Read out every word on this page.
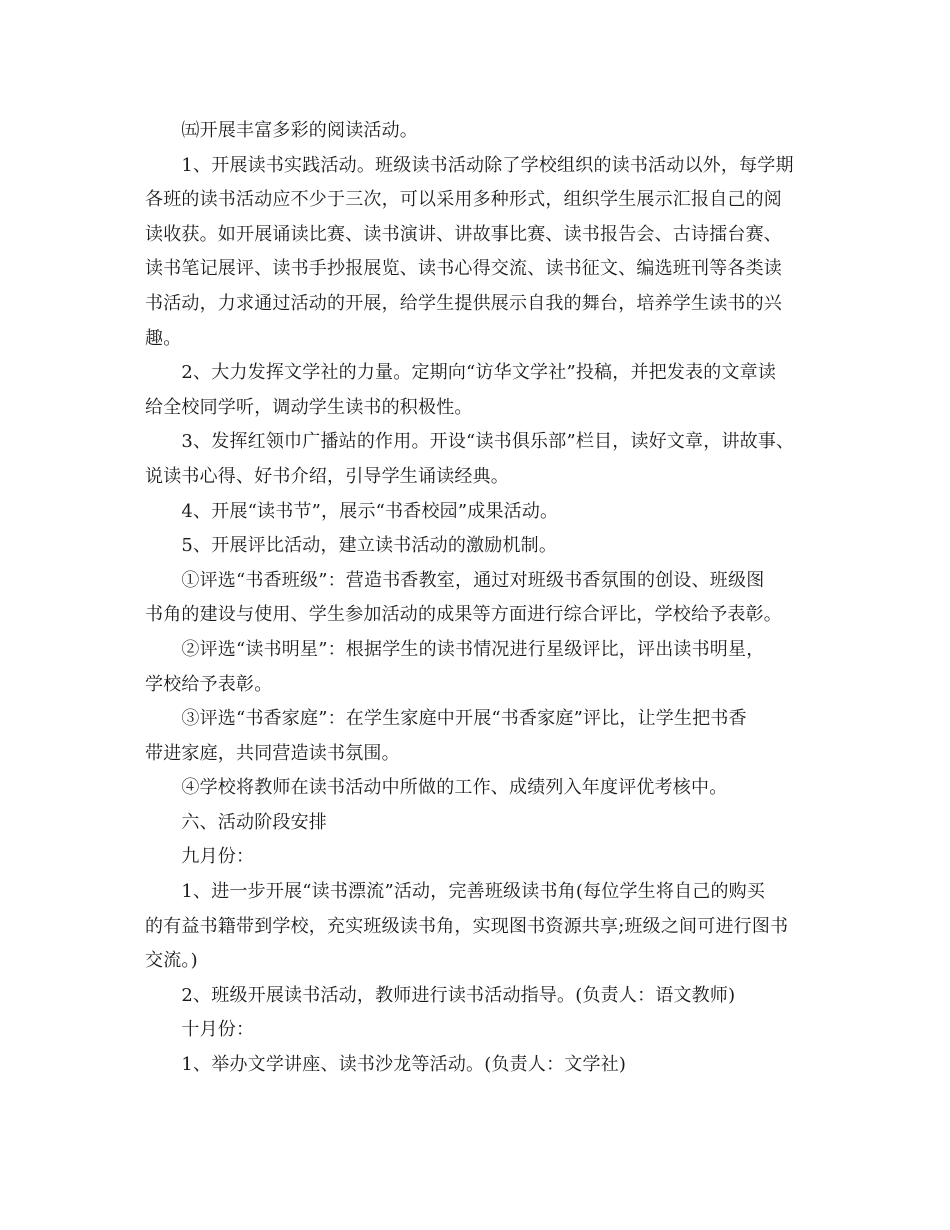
　　㈤开展丰富多彩的阅读活动。

　　1、开展读书实践活动。班级读书活动除了学校组织的读书活动以外，每学期
各班的读书活动应不少于三次，可以采用多种形式，组织学生展示汇报自己的阅
读收获。如开展诵读比赛、读书演讲、讲故事比赛、读书报告会、古诗擂台赛、
读书笔记展评、读书手抄报展览、读书心得交流、读书征文、编选班刊等各类读
书活动，力求通过活动的开展，给学生提供展示自我的舞台，培养学生读书的兴
趣。

　　2、大力发挥文学社的力量。定期向“访华文学社”投稿，并把发表的文章读
给全校同学听，调动学生读书的积极性。

　　3、发挥红领巾广播站的作用。开设“读书俱乐部”栏目，读好文章，讲故事、
说读书心得、好书介绍，引导学生诵读经典。

　　4、开展“读书节”，展示“书香校园”成果活动。

　　5、开展评比活动，建立读书活动的激励机制。

　　①评选“书香班级”：营造书香教室，通过对班级书香氛围的创设、班级图
书角的建设与使用、学生参加活动的成果等方面进行综合评比，学校给予表彰。

　　②评选“读书明星”：根据学生的读书情况进行星级评比，评出读书明星，
学校给予表彰。

　　③评选“书香家庭”：在学生家庭中开展“书香家庭”评比，让学生把书香
带进家庭，共同营造读书氛围。

　　④学校将教师在读书活动中所做的工作、成绩列入年度评优考核中。

　　六、活动阶段安排

　　九月份：

　　1、进一步开展“读书漂流”活动，完善班级读书角(每位学生将自己的购买
的有益书籍带到学校，充实班级读书角，实现图书资源共享;班级之间可进行图书
交流。)

　　2、班级开展读书活动，教师进行读书活动指导。(负责人：语文教师)

　　十月份：

　　1、举办文学讲座、读书沙龙等活动。(负责人：文学社)
